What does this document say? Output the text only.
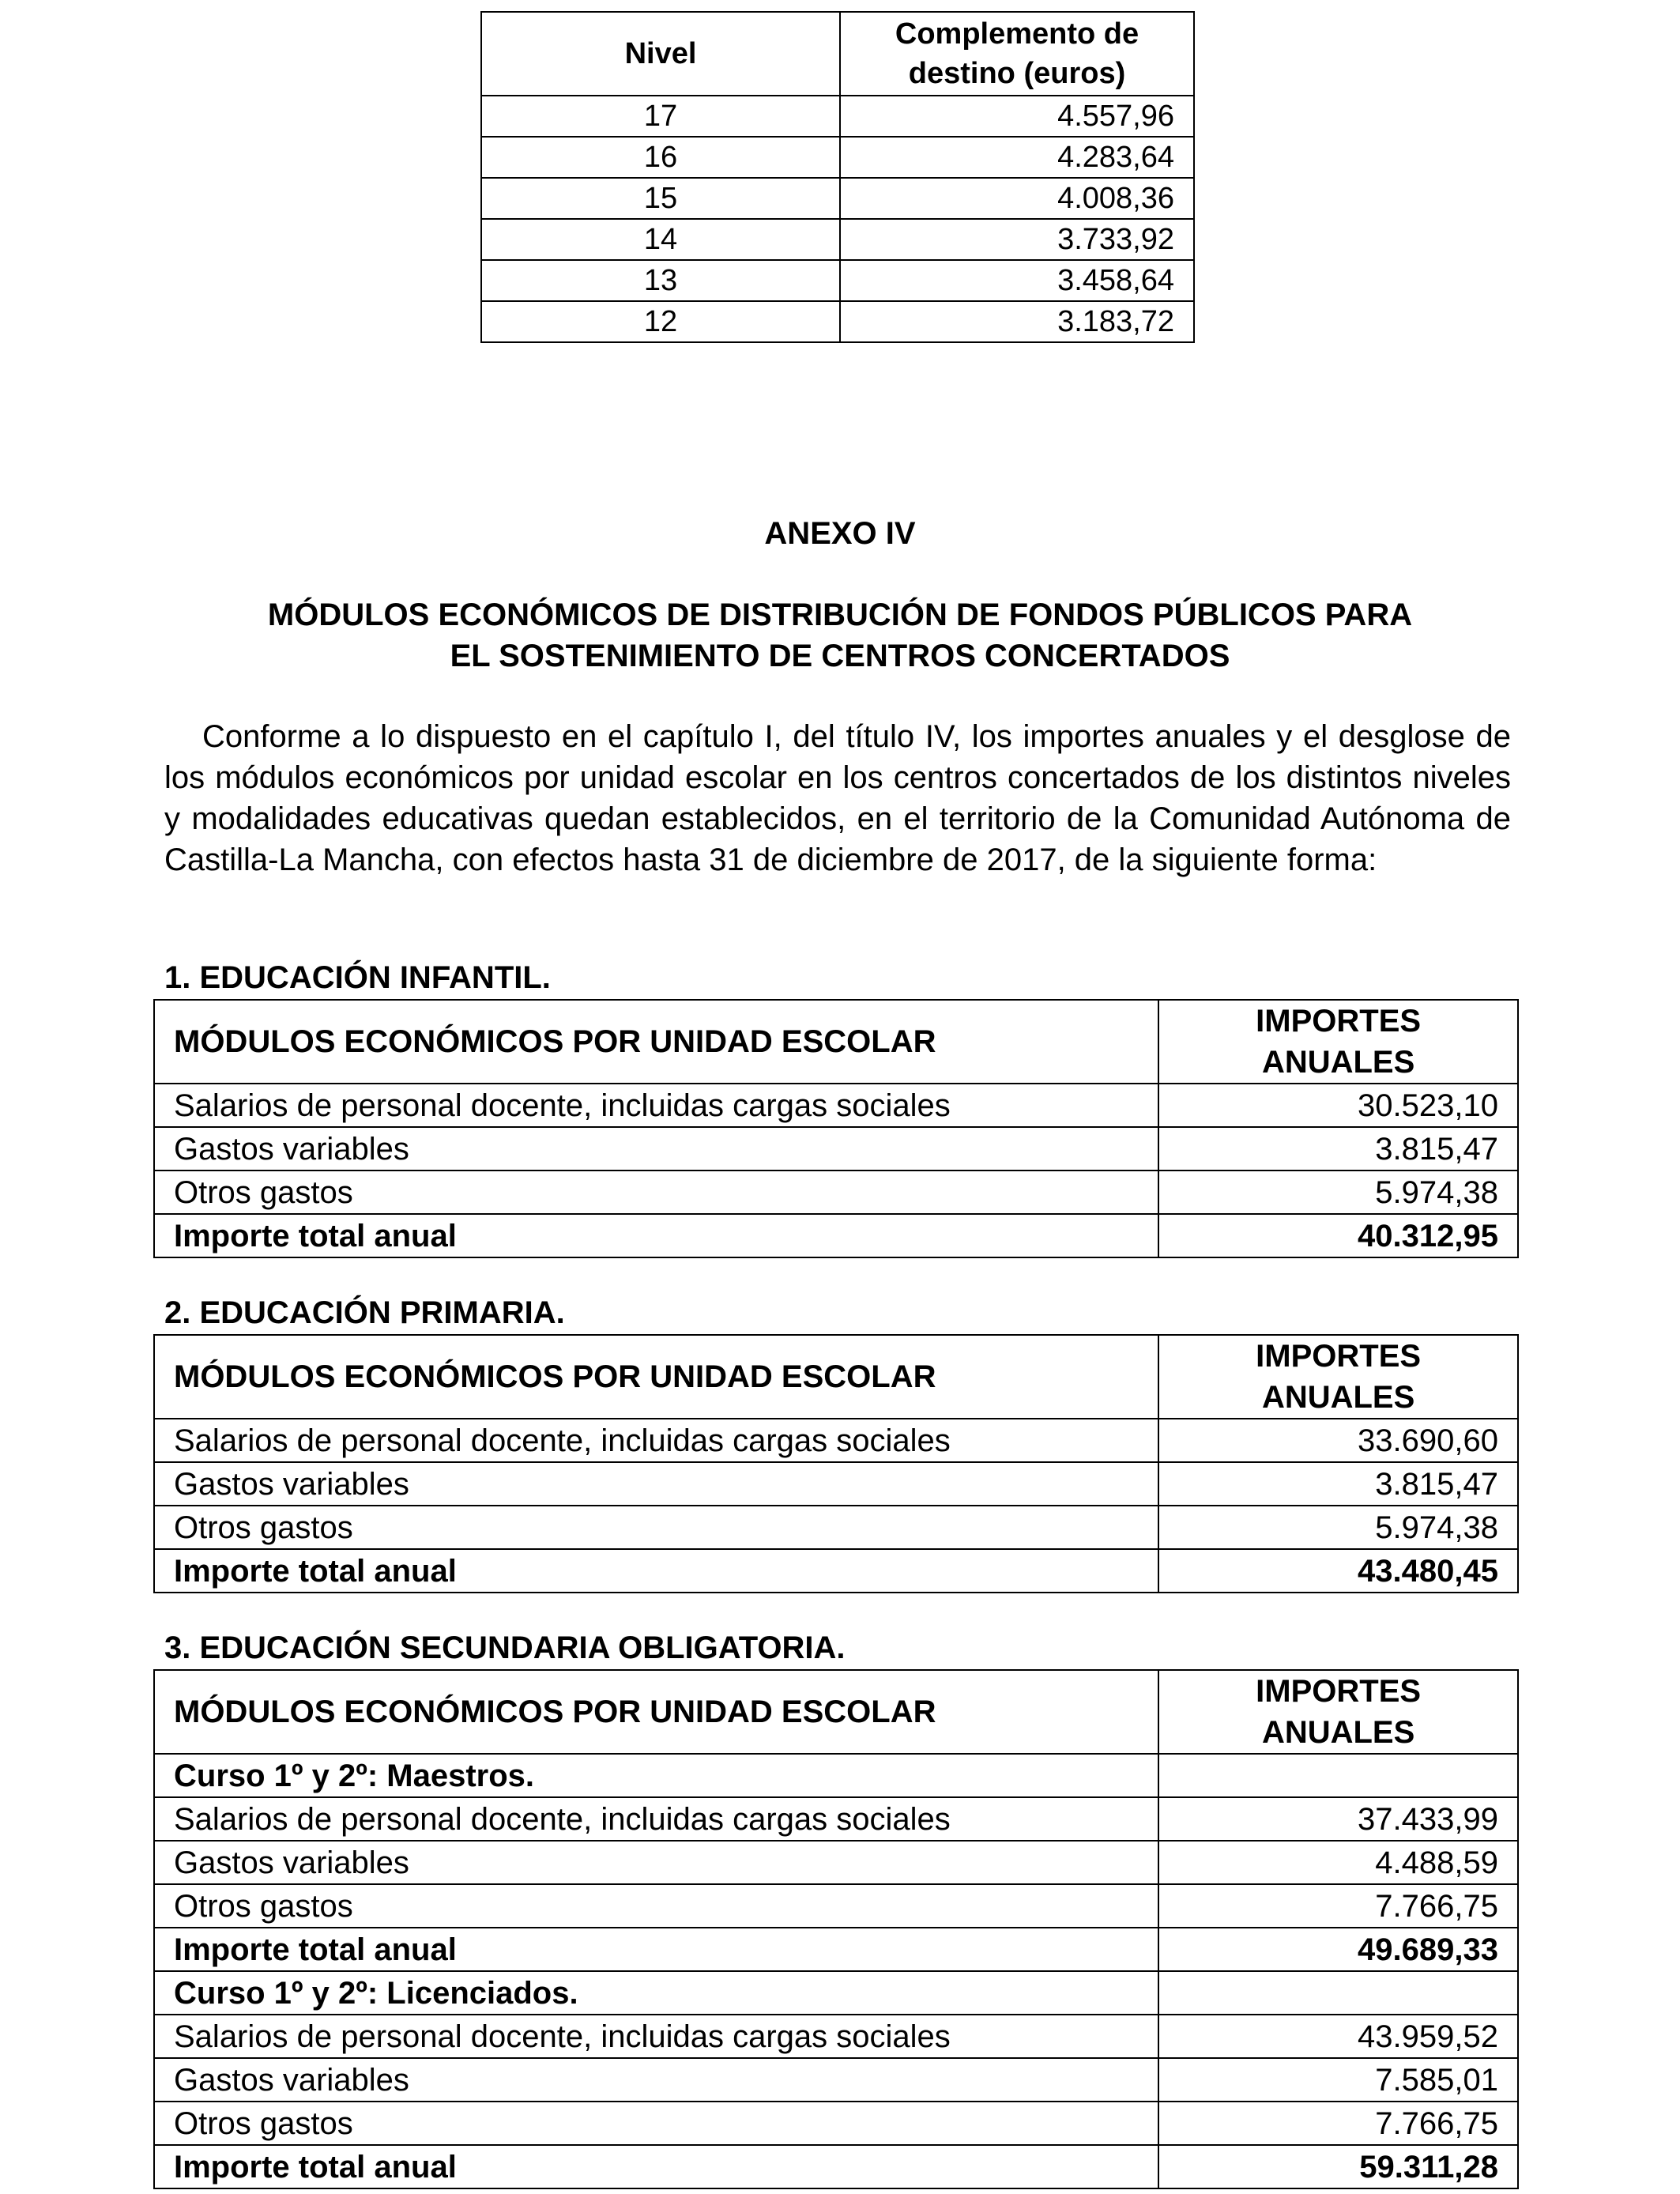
Nivel	Complemento de
destino (euros)

17	4.557,96
16	4.283,64
15	4.008,36
14	3.733,92
13	3.458,64
12	3.183,72
ANEXO IV
MÓDULOS ECONÓMICOS DE DISTRIBUCIÓN DE FONDOS PÚBLICOS PARA
EL SOSTENIMIENTO DE CENTROS CONCERTADOS
Conforme a lo dispuesto en el capítulo I, del título IV, los importes anuales y el desglose de los módulos económicos por unidad escolar en los centros concertados de los distintos niveles y modalidades educativas quedan establecidos, en el territorio de la Comunidad Autónoma de Castilla-La Mancha, con efectos hasta 31 de diciembre de 2017, de la siguiente forma:
1. EDUCACIÓN INFANTIL.
MÓDULOS ECONÓMICOS POR UNIDAD ESCOLAR	IMPORTES
ANUALES

Salarios de personal docente, incluidas cargas sociales	30.523,10
Gastos variables	3.815,47
Otros gastos	5.974,38
Importe total anual	40.312,95
2. EDUCACIÓN PRIMARIA.
MÓDULOS ECONÓMICOS POR UNIDAD ESCOLAR	IMPORTES
ANUALES

Salarios de personal docente, incluidas cargas sociales	33.690,60
Gastos variables	3.815,47
Otros gastos	5.974,38
Importe total anual	43.480,45
3. EDUCACIÓN SECUNDARIA OBLIGATORIA.
MÓDULOS ECONÓMICOS POR UNIDAD ESCOLAR	IMPORTES
ANUALES

Curso 1º y 2º: Maestros.	
Salarios de personal docente, incluidas cargas sociales	37.433,99
Gastos variables	4.488,59
Otros gastos	7.766,75
Importe total anual	49.689,33
Curso 1º y 2º: Licenciados.	
Salarios de personal docente, incluidas cargas sociales	43.959,52
Gastos variables	7.585,01
Otros gastos	7.766,75
Importe total anual	59.311,28
